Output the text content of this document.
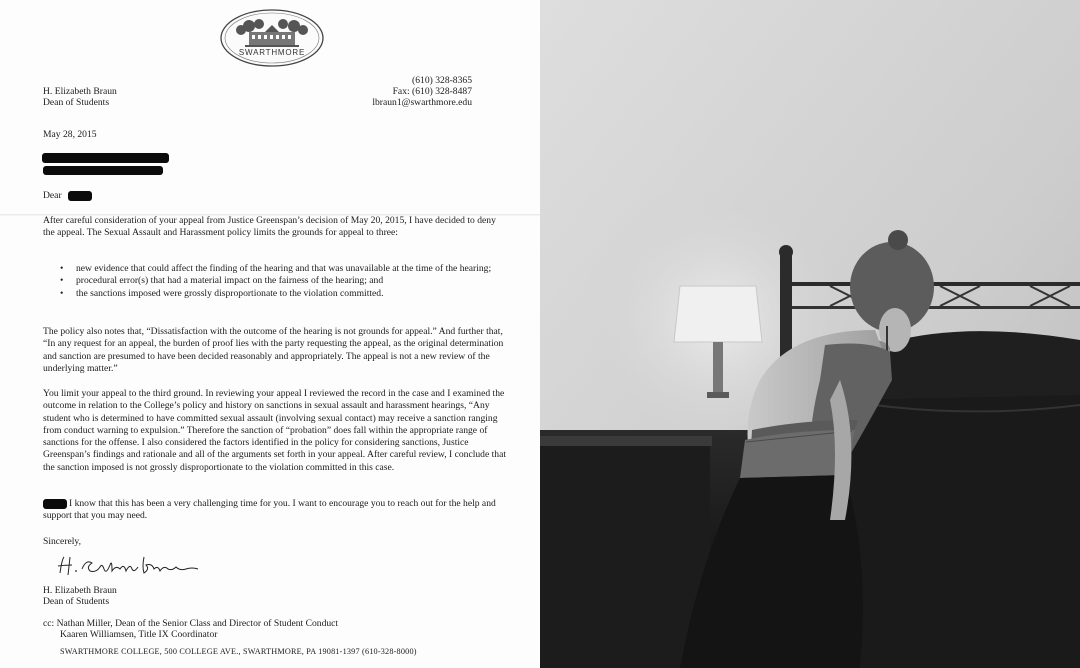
SWARTHMORE
H. Elizabeth Braun
Dean of Students
(610) 328-8365
Fax: (610) 328-8487
lbraun1@swarthmore.edu
May 28, 2015
Dear
After careful consideration of your appeal from Justice Greenspan’s decision of May 20, 2015, I have decided to deny the appeal. The Sexual Assault and Harassment policy limits the grounds for appeal to three:
• new evidence that could affect the finding of the hearing and that was unavailable at the time of the hearing;
• procedural error(s) that had a material impact on the fairness of the hearing; and
• the sanctions imposed were grossly disproportionate to the violation committed.
The policy also notes that, “Dissatisfaction with the outcome of the hearing is not grounds for appeal.” And further that, “In any request for an appeal, the burden of proof lies with the party requesting the appeal, as the original determination and sanction are presumed to have been decided reasonably and appropriately. The appeal is not a new review of the underlying matter.”
You limit your appeal to the third ground. In reviewing your appeal I reviewed the record in the case and I examined the outcome in relation to the College’s policy and history on sanctions in sexual assault and harassment hearings, “Any student who is determined to have committed sexual assault (involving sexual contact) may receive a sanction ranging from conduct warning to expulsion.” Therefore the sanction of “probation” does fall within the appropriate range of sanctions for the offense. I also considered the factors identified in the policy for considering sanctions, Justice Greenspan’s findings and rationale and all of the arguments set forth in your appeal. After careful review, I conclude that the sanction imposed is not grossly disproportionate to the violation committed in this case.
I know that this has been a very challenging time for you. I want to encourage you to reach out for the help and support that you may need.
Sincerely,
H. Elizabeth Braun
Dean of Students
cc: Nathan Miller, Dean of the Senior Class and Director of Student Conduct
Kaaren Williamsen, Title IX Coordinator
SWARTHMORE COLLEGE, 500 COLLEGE AVE., SWARTHMORE, PA 19081-1397 (610-328-8000)
